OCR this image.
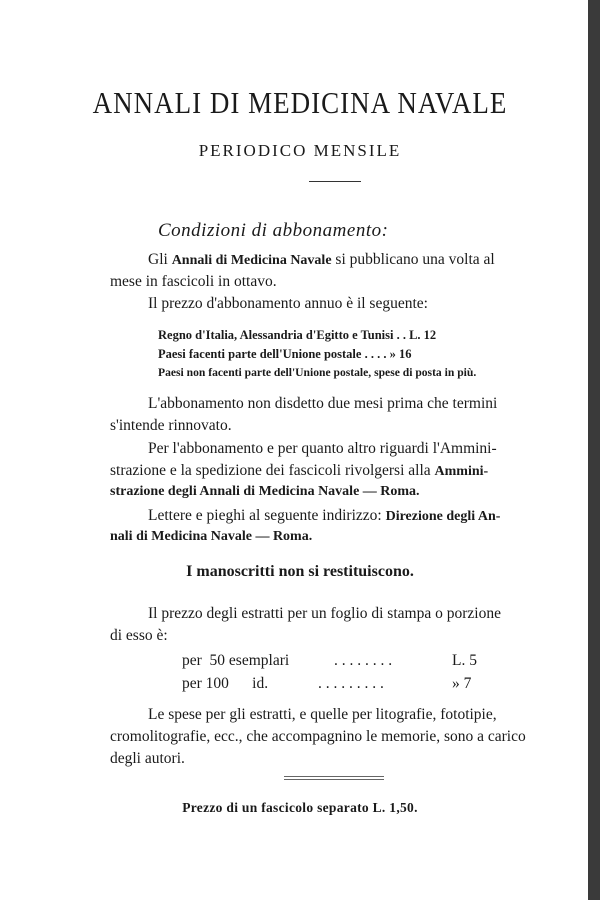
ANNALI DI MEDICINA NAVALE
PERIODICO MENSILE
Condizioni di abbonamento:
Gli Annali di Medicina Navale si pubblicano una volta al
mese in fascicoli in ottavo.
Il prezzo d'abbonamento annuo è il seguente:
Regno d'Italia, Alessandria d'Egitto e Tunisi . . L. 12
Paesi facenti parte dell'Unione postale . . . . » 16
Paesi non facenti parte dell'Unione postale, spese di posta in più.
L'abbonamento non disdetto due mesi prima che termini
s'intende rinnovato.
Per l'abbonamento e per quanto altro riguardi l'Ammini-
strazione e la spedizione dei fascicoli rivolgersi alla Ammini-
strazione degli Annali di Medicina Navale — Roma.
Lettere e pieghi al seguente indirizzo: Direzione degli An-
nali di Medicina Navale — Roma.
I manoscritti non si restituiscono.
Il prezzo degli estratti per un foglio di stampa o porzione
di esso è:
per  50 esemplari	. . . . . . . .	L. 5
per 100      id.	. . . . . . . . .	» 7
Le spese per gli estratti, e quelle per litografie, fototipie,
cromolitografie, ecc., che accompagnino le memorie, sono a carico
degli autori.
Prezzo di un fascicolo separato L. 1,50.
